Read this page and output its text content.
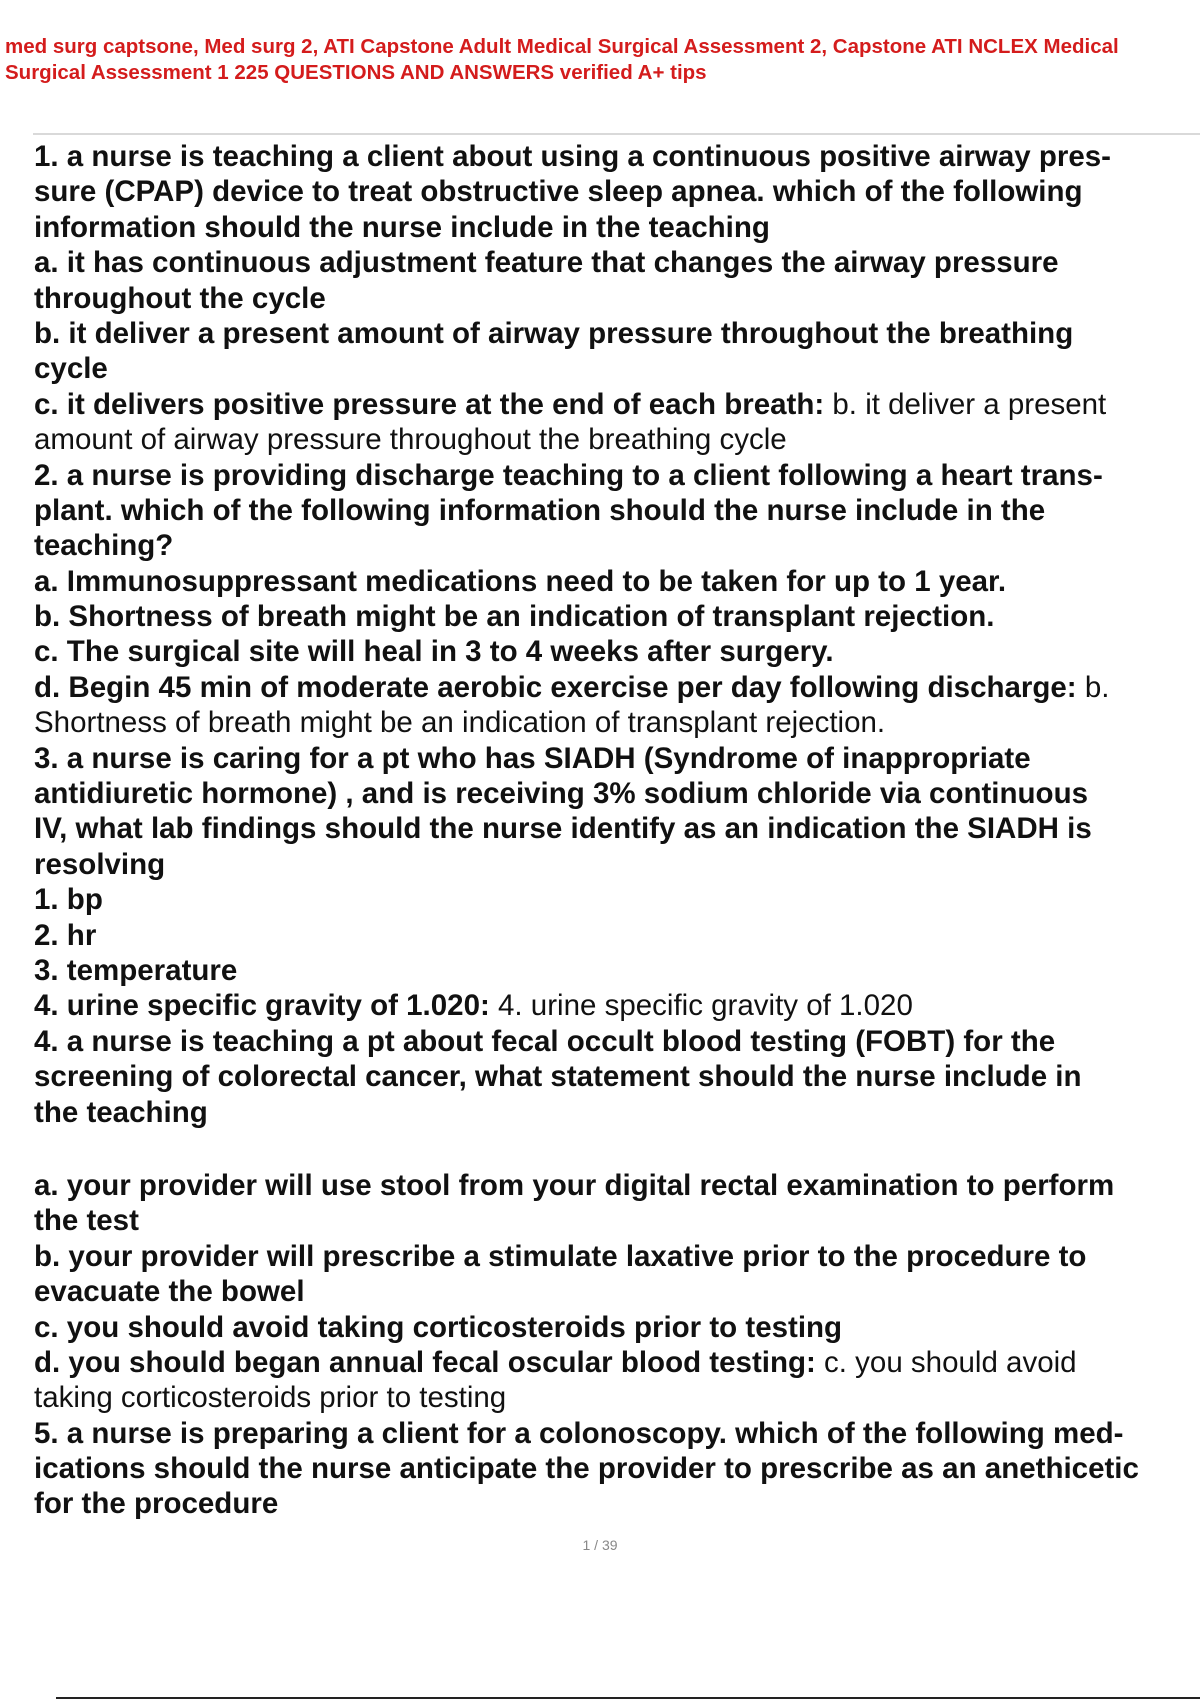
med surg captsone, Med surg 2, ATI Capstone Adult Medical Surgical Assessment 2, Capstone ATI NCLEX Medical
Surgical Assessment 1 225 QUESTIONS AND ANSWERS verified A+ tips
1. a nurse is teaching a client about using a continuous positive airway pres-
sure (CPAP) device to treat obstructive sleep apnea. which of the following
information should the nurse include in the teaching
a. it has continuous adjustment feature that changes the airway pressure
throughout the cycle
b. it deliver a present amount of airway pressure throughout the breathing
cycle
c. it delivers positive pressure at the end of each breath: b. it deliver a present
amount of airway pressure throughout the breathing cycle
2. a nurse is providing discharge teaching to a client following a heart trans-
plant. which of the following information should the nurse include in the
teaching?
a. Immunosuppressant medications need to be taken for up to 1 year.
b. Shortness of breath might be an indication of transplant rejection.
c. The surgical site will heal in 3 to 4 weeks after surgery.
d. Begin 45 min of moderate aerobic exercise per day following discharge: b.
Shortness of breath might be an indication of transplant rejection.
3. a nurse is caring for a pt who has SIADH (Syndrome of inappropriate
antidiuretic hormone) , and is receiving 3% sodium chloride via continuous
IV, what lab findings should the nurse identify as an indication the SIADH is
resolving
1. bp
2. hr
3. temperature
4. urine specific gravity of 1.020: 4. urine specific gravity of 1.020
4. a nurse is teaching a pt about fecal occult blood testing (FOBT) for the
screening of colorectal cancer, what statement should the nurse include in
the teaching
a. your provider will use stool from your digital rectal examination to perform
the test
b. your provider will prescribe a stimulate laxative prior to the procedure to
evacuate the bowel
c. you should avoid taking corticosteroids prior to testing
d. you should began annual fecal oscular blood testing: c. you should avoid
taking corticosteroids prior to testing
5. a nurse is preparing a client for a colonoscopy. which of the following med-
ications should the nurse anticipate the provider to prescribe as an anethicetic
for the procedure
1 / 39
